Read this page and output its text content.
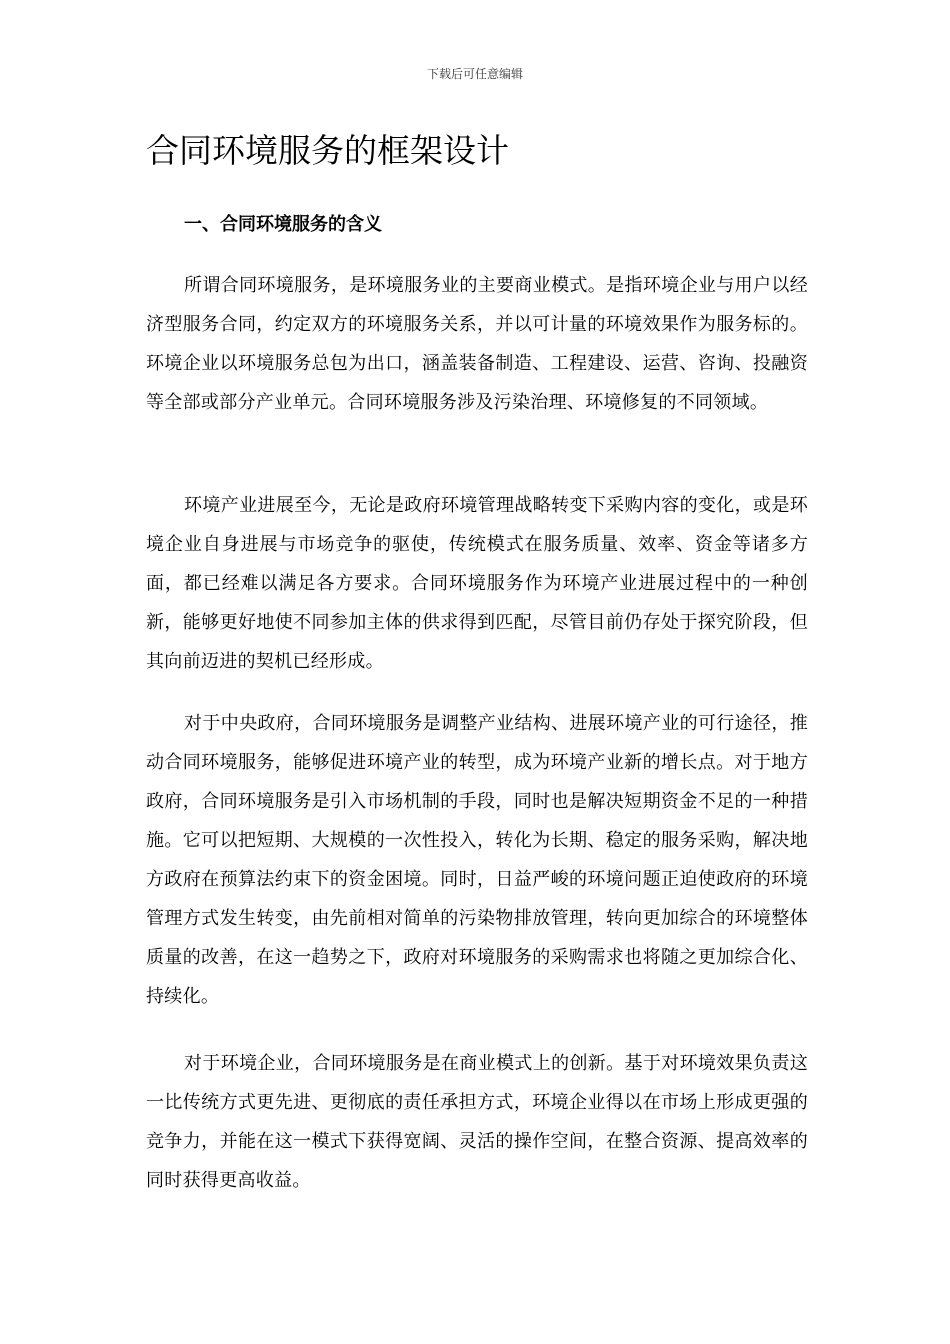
下载后可任意编辑
合同环境服务的框架设计
一、合同环境服务的含义

所谓合同环境服务，是环境服务业的主要商业模式。是指环境企业与用户以经济型服务合同，约定双方的环境服务关系，并以可计量的环境效果作为服务标的。环境企业以环境服务总包为出口，涵盖装备制造、工程建设、运营、咨询、投融资等全部或部分产业单元。合同环境服务涉及污染治理、环境修复的不同领域。

环境产业进展至今，无论是政府环境管理战略转变下采购内容的变化，或是环境企业自身进展与市场竞争的驱使，传统模式在服务质量、效率、资金等诸多方面，都已经难以满足各方要求。合同环境服务作为环境产业进展过程中的一种创新，能够更好地使不同参加主体的供求得到匹配，尽管目前仍存处于探究阶段，但其向前迈进的契机已经形成。

对于中央政府，合同环境服务是调整产业结构、进展环境产业的可行途径，推动合同环境服务，能够促进环境产业的转型，成为环境产业新的增长点。对于地方政府，合同环境服务是引入市场机制的手段，同时也是解决短期资金不足的一种措施。它可以把短期、大规模的一次性投入，转化为长期、稳定的服务采购，解决地方政府在预算法约束下的资金困境。同时，日益严峻的环境问题正迫使政府的环境管理方式发生转变，由先前相对简单的污染物排放管理，转向更加综合的环境整体质量的改善，在这一趋势之下，政府对环境服务的采购需求也将随之更加综合化、持续化。

对于环境企业，合同环境服务是在商业模式上的创新。基于对环境效果负责这一比传统方式更先进、更彻底的责任承担方式，环境企业得以在市场上形成更强的竞争力，并能在这一模式下获得宽阔、灵活的操作空间，在整合资源、提高效率的同时获得更高收益。
